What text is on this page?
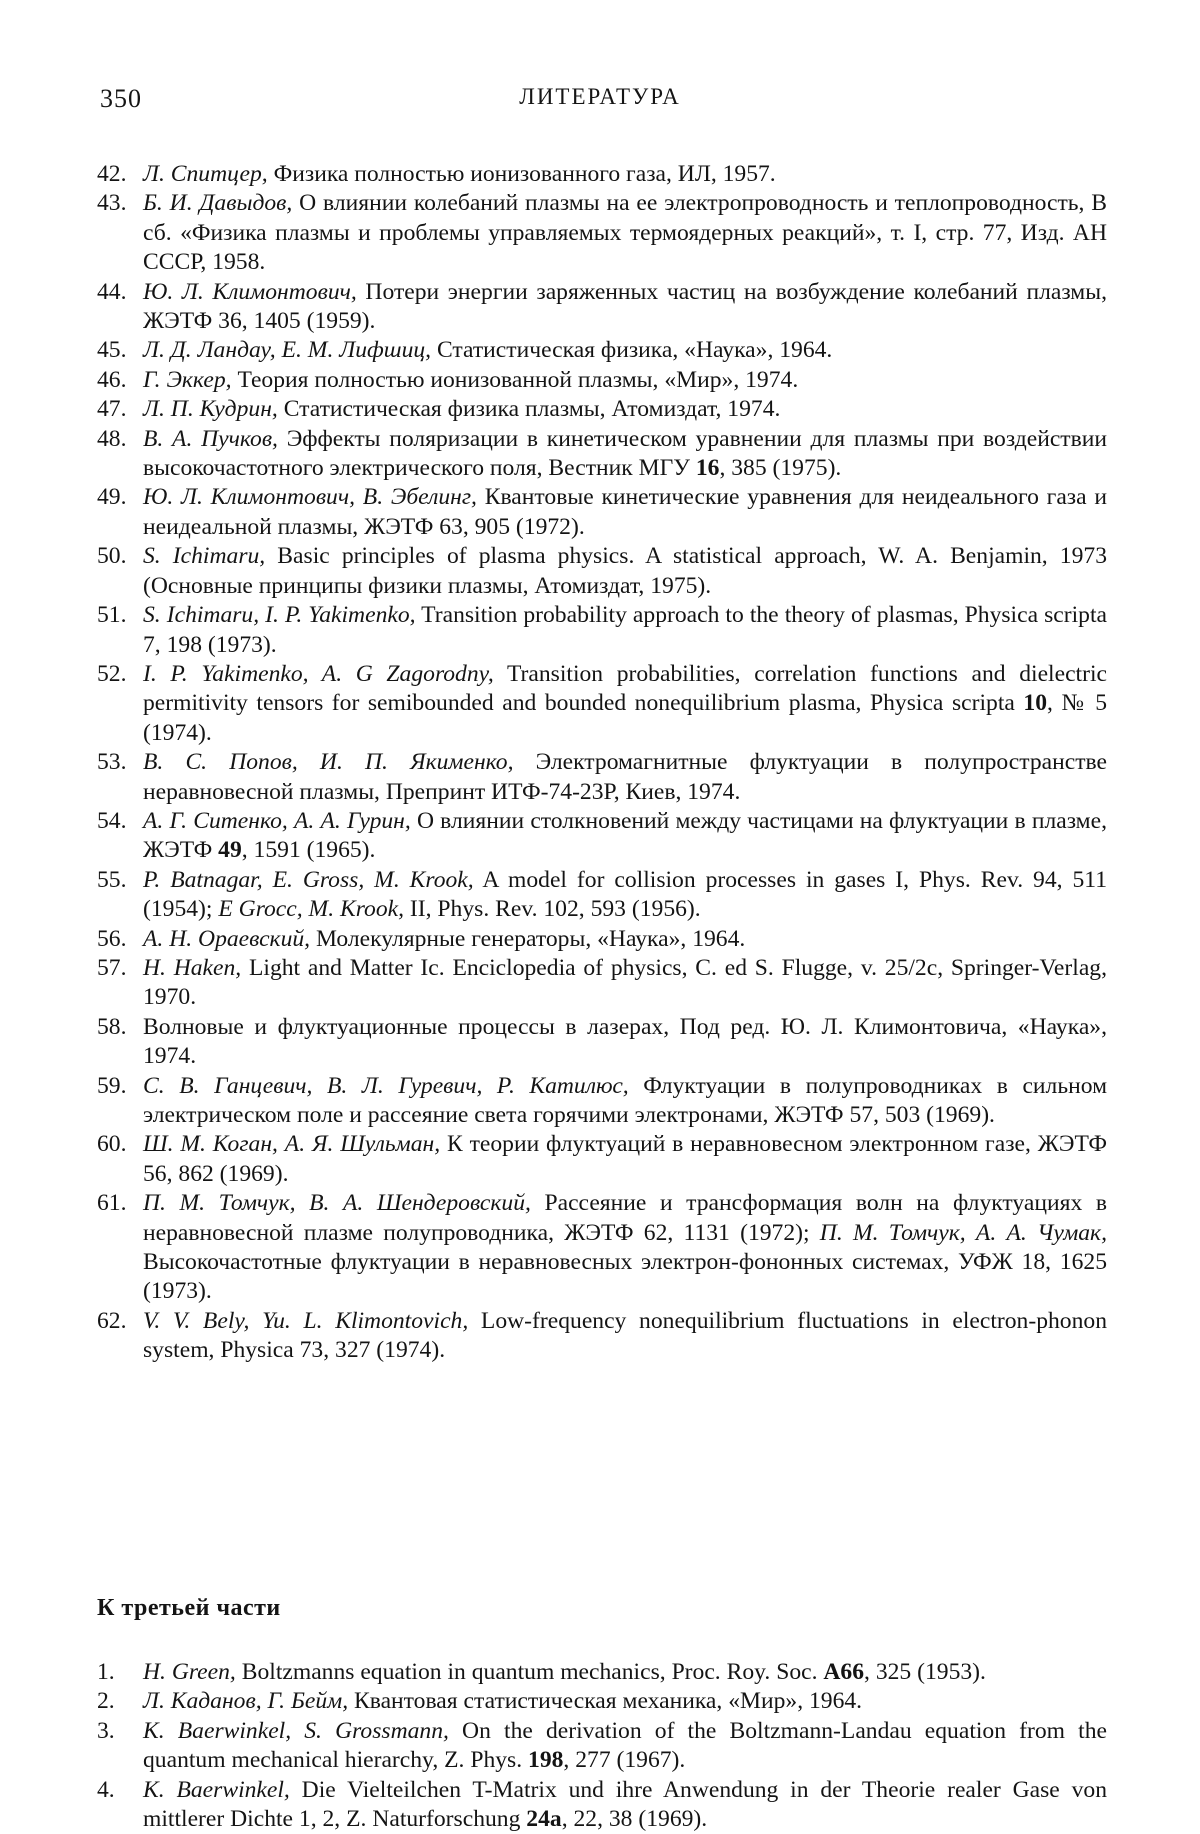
350	ЛИТЕРАТУРА
42. Л. Спитцер, Физика полностью ионизованного газа, ИЛ, 1957.
43. Б. И. Давыдов, О влиянии колебаний плазмы на ее электропроводность и теплопроводность, В сб. «Физика плазмы и проблемы управляемых термоядерных реакций», т. I, стр. 77, Изд. АН СССР, 1958.
44. Ю. Л. Климонтович, Потери энергии заряженных частиц на возбуждение колебаний плазмы, ЖЭТФ 36, 1405 (1959).
45. Л. Д. Ландау, Е. М. Лифшиц, Статистическая физика, «Наука», 1964.
46. Г. Эккер, Теория полностью ионизованной плазмы, «Мир», 1974.
47. Л. П. Кудрин, Статистическая физика плазмы, Атомиздат, 1974.
48. В. А. Пучков, Эффекты поляризации в кинетическом уравнении для плазмы при воздействии высокочастотного электрического поля, Вестник МГУ 16, 385 (1975).
49. Ю. Л. Климонтович, В. Эбелинг, Квантовые кинетические уравнения для неидеального газа и неидеальной плазмы, ЖЭТФ 63, 905 (1972).
50. S. Ichimaru, Basic principles of plasma physics. A statistical approach, W. A. Benjamin, 1973 (Основные принципы физики плазмы, Атомиздат, 1975).
51. S. Ichimaru, I. P. Yakimenko, Transition probability approach to the theory of plasmas, Physica scripta 7, 198 (1973).
52. I. P. Yakimenko, A. G Zagorodny, Transition probabilities, correlation functions and dielectric permitivity tensors for semibounded and bounded nonequilibrium plasma, Physica scripta 10, № 5 (1974).
53. В. С. Попов, И. П. Якименко, Электромагнитные флуктуации в полупространстве неравновесной плазмы, Препринт ИТФ-74-23Р, Киев, 1974.
54. А. Г. Ситенко, А. А. Гурин, О влиянии столкновений между частицами на флуктуации в плазме, ЖЭТФ 49, 1591 (1965).
55. P. Batnagar, E. Gross, M. Krook, A model for collision processes in gases I, Phys. Rev. 94, 511 (1954); E Grocc, M. Krook, II, Phys. Rev. 102, 593 (1956).
56. А. Н. Ораевский, Молекулярные генераторы, «Наука», 1964.
57. H. Haken, Light and Matter Ic. Enciclopedia of physics, C. ed S. Flugge, v. 25/2c, Springer-Verlag, 1970.
58. Волновые и флуктуационные процессы в лазерах, Под ред. Ю. Л. Климонтовича, «Наука», 1974.
59. С. В. Ганцевич, В. Л. Гуревич, Р. Катилюс, Флуктуации в полупроводниках в сильном электрическом поле и рассеяние света горячими электронами, ЖЭТФ 57, 503 (1969).
60. Ш. М. Коган, А. Я. Шульман, К теории флуктуаций в неравновесном электронном газе, ЖЭТФ 56, 862 (1969).
61. П. М. Томчук, В. А. Шендеровский, Рассеяние и трансформация волн на флуктуациях в неравновесной плазме полупроводника, ЖЭТФ 62, 1131 (1972); П. М. Томчук, А. А. Чумак, Высокочастотные флуктуации в неравновесных электрон-фононных системах, УФЖ 18, 1625 (1973).
62. V. V. Bely, Yu. L. Klimontovich, Low-frequency nonequilibrium fluctuations in electron-phonon system, Physica 73, 327 (1974).
К третьей части
1. H. Green, Boltzmanns equation in quantum mechanics, Proc. Roy. Soc. A66, 325 (1953).
2. Л. Каданов, Г. Бейм, Квантовая статистическая механика, «Мир», 1964.
3. K. Baerwinkel, S. Grossmann, On the derivation of the Boltzmann-Landau equation from the quantum mechanical hierarchy, Z. Phys. 198, 277 (1967).
4. K. Baerwinkel, Die Vielteilchen T-Matrix und ihre Anwendung in der Theorie realer Gase von mittlerer Dichte 1, 2, Z. Naturforschung 24a, 22, 38 (1969).
